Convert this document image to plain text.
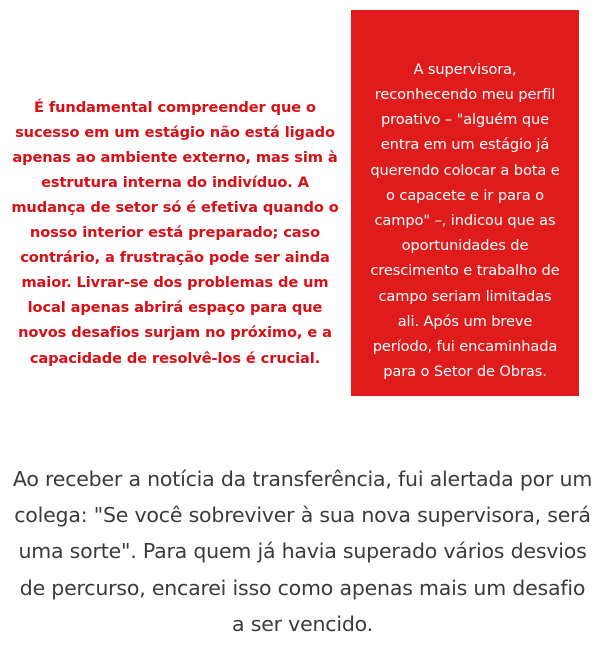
É fundamental compreender que o sucesso em um estágio não está ligado apenas ao ambiente externo, mas sim à estrutura interna do indivíduo. A mudança de setor só é efetiva quando o nosso interior está preparado; caso contrário, a frustração pode ser ainda maior. Livrar-se dos problemas de um local apenas abrirá espaço para que novos desafios surjam no próximo, e a capacidade de resolvê-los é crucial.

A supervisora, reconhecendo meu perfil proativo – "alguém que entra em um estágio já querendo colocar a bota e o capacete e ir para o campo" –, indicou que as oportunidades de crescimento e trabalho de campo seriam limitadas ali. Após um breve período, fui encaminhada para o Setor de Obras.

Ao receber a notícia da transferência, fui alertada por um colega: "Se você sobreviver à sua nova supervisora, será uma sorte". Para quem já havia superado vários desvios de percurso, encarei isso como apenas mais um desafio a ser vencido.
